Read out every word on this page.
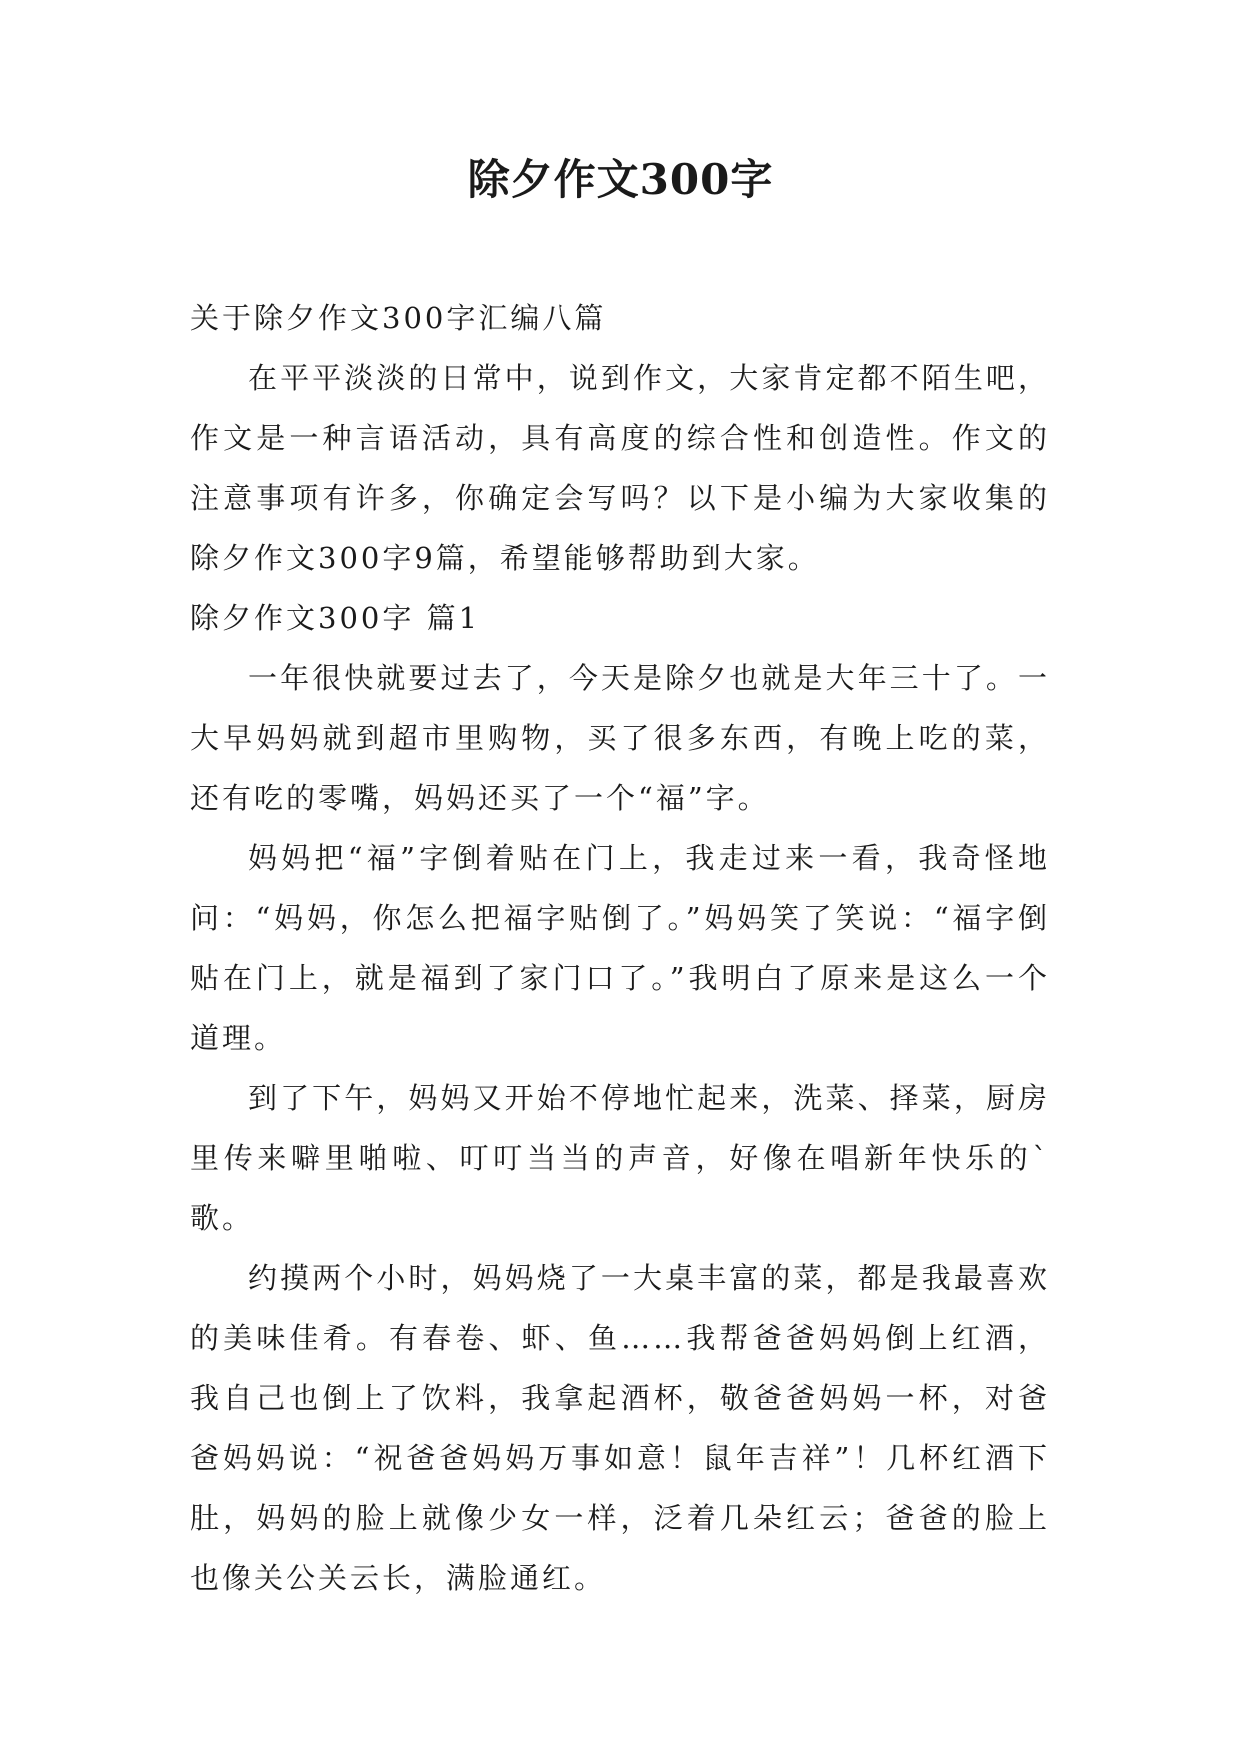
除夕作文300字

关于除夕作文300字汇编八篇

在平平淡淡的日常中，说到作文，大家肯定都不陌生吧，作文是一种言语活动，具有高度的综合性和创造性。作文的注意事项有许多，你确定会写吗？以下是小编为大家收集的除夕作文300字9篇，希望能够帮助到大家。

除夕作文300字 篇1

一年很快就要过去了，今天是除夕也就是大年三十了。一大早妈妈就到超市里购物，买了很多东西，有晚上吃的菜，还有吃的零嘴，妈妈还买了一个“福”字。

妈妈把“福”字倒着贴在门上，我走过来一看，我奇怪地问：“妈妈，你怎么把福字贴倒了。”妈妈笑了笑说：“福字倒贴在门上，就是福到了家门口了。”我明白了原来是这么一个道理。

到了下午，妈妈又开始不停地忙起来，洗菜、择菜，厨房里传来噼里啪啦、叮叮当当的声音，好像在唱新年快乐的`歌。

约摸两个小时，妈妈烧了一大桌丰富的菜，都是我最喜欢的美味佳肴。有春卷、虾、鱼……我帮爸爸妈妈倒上红酒，我自己也倒上了饮料，我拿起酒杯，敬爸爸妈妈一杯，对爸爸妈妈说：“祝爸爸妈妈万事如意！鼠年吉祥”！几杯红酒下肚，妈妈的脸上就像少女一样，泛着几朵红云；爸爸的脸上也像关公关云长，满脸通红。
